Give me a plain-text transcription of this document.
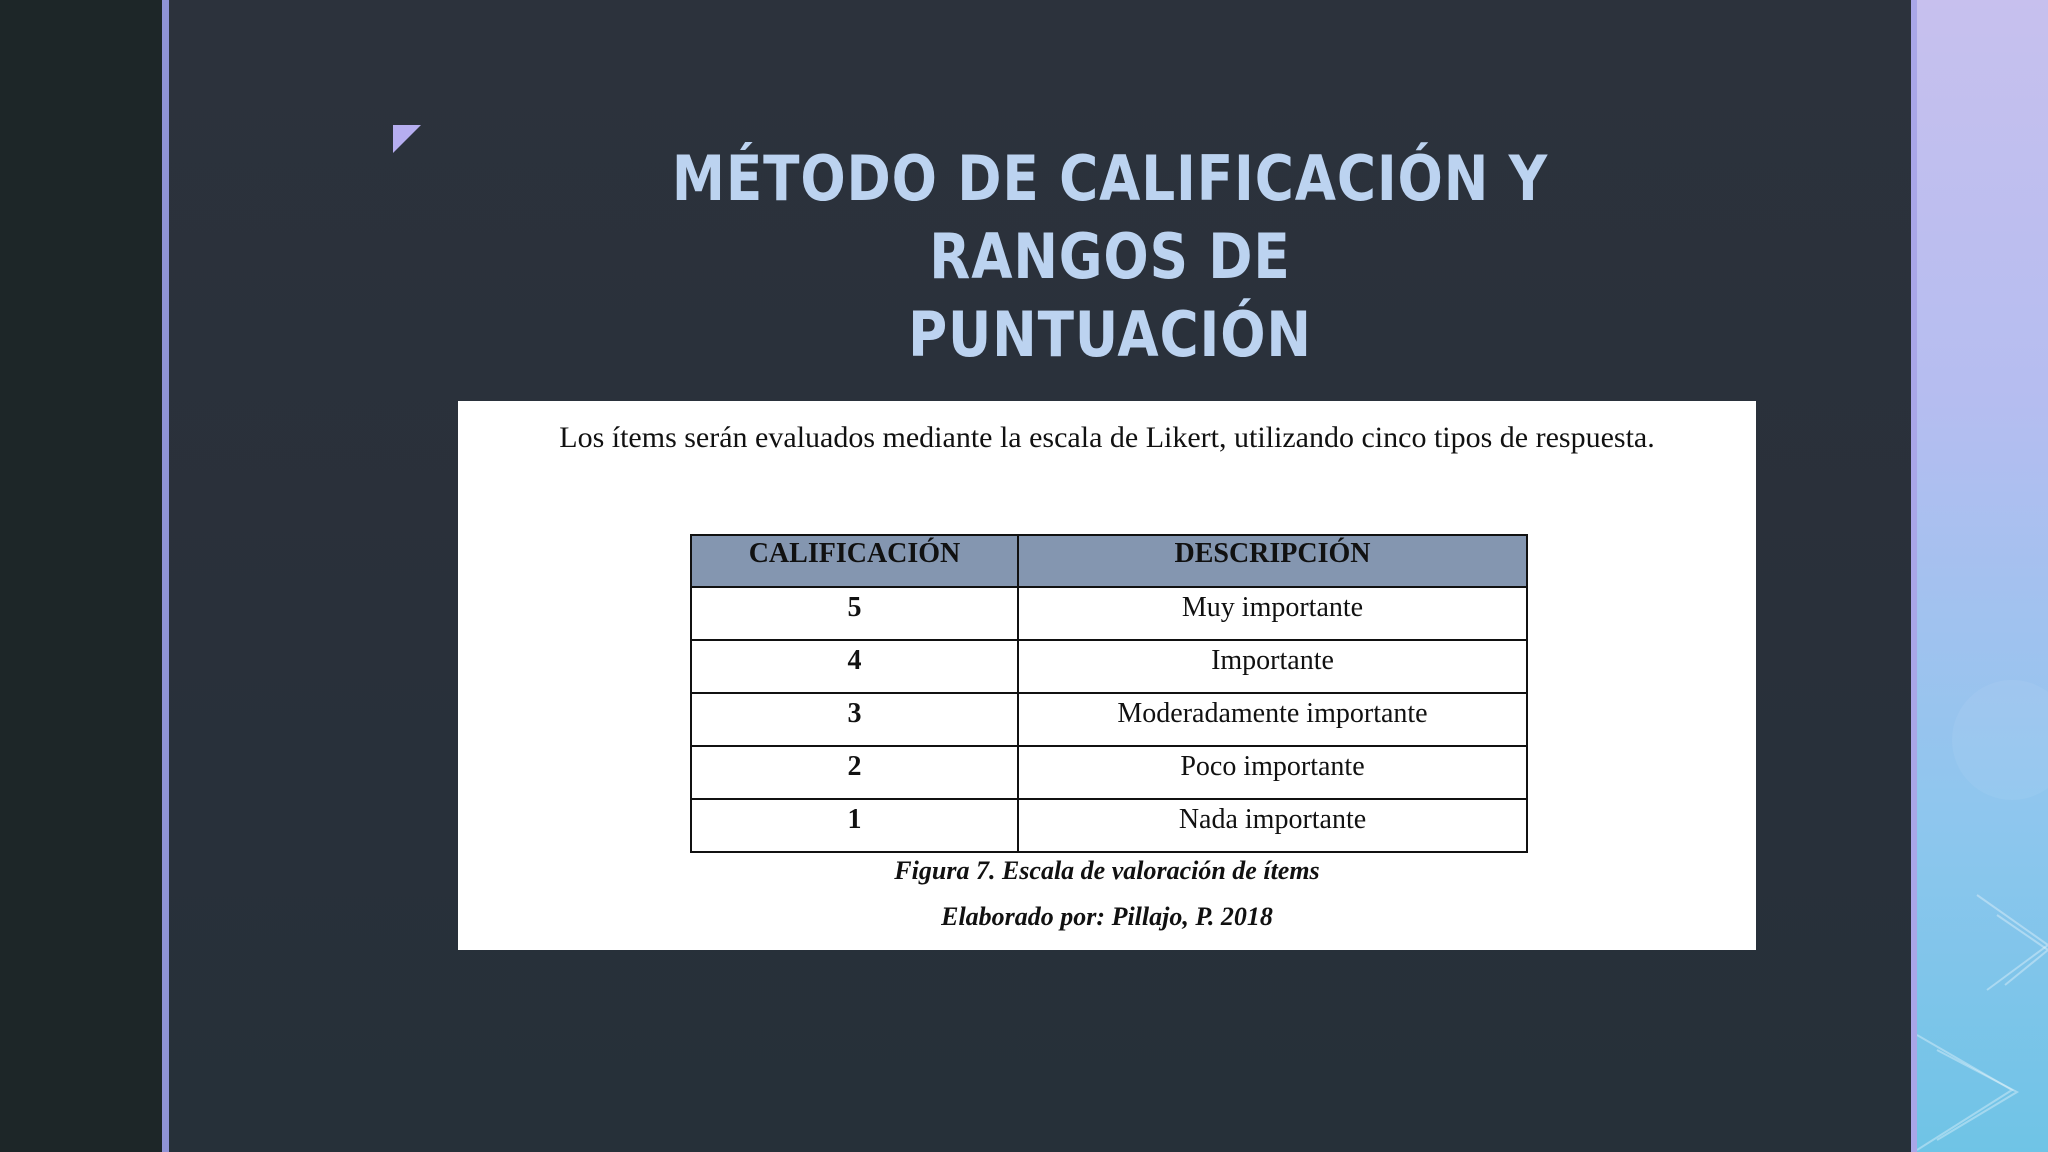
MÉTODO DE CALIFICACIÓN Y RANGOS DE
PUNTUACIÓN
Los ítems serán evaluados mediante la escala de Likert, utilizando cinco tipos de respuesta.
CALIFICACIÓN	DESCRIPCIÓN
5	Muy importante
4	Importante
3	Moderadamente importante
2	Poco importante
1	Nada importante
Figura 7. Escala de valoración de ítems
Elaborado por: Pillajo, P. 2018
